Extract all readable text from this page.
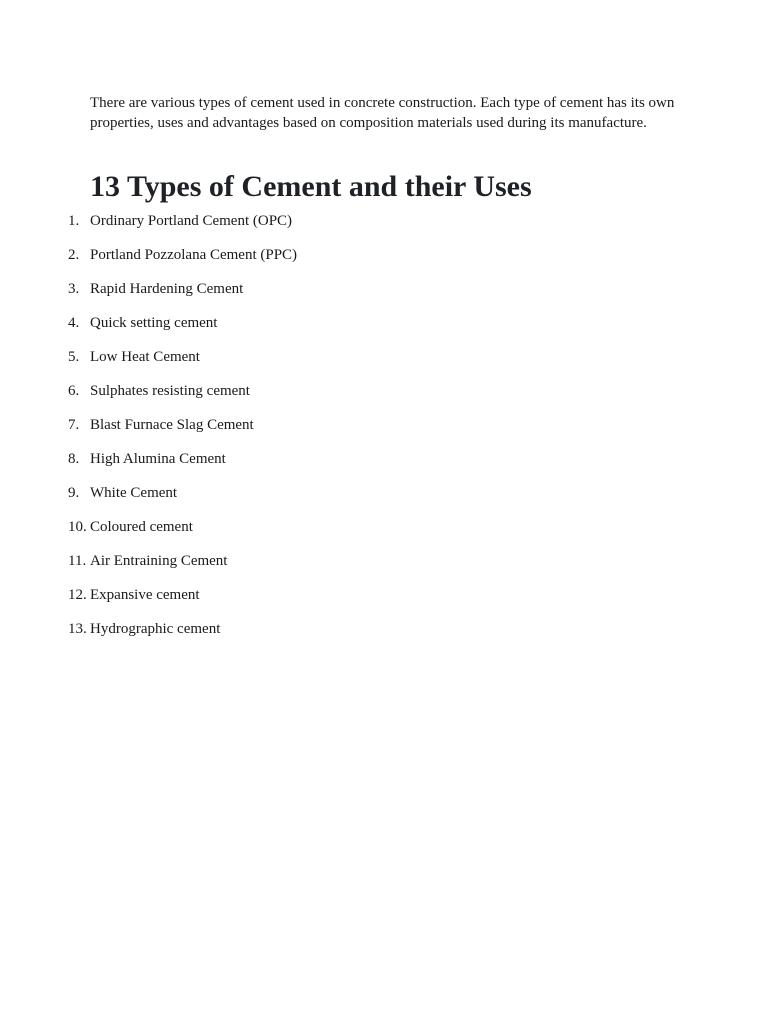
There are various types of cement used in concrete construction. Each type of cement has its own properties, uses and advantages based on composition materials used during its manufacture.

13 Types of Cement and their Uses
1. Ordinary Portland Cement (OPC)
2. Portland Pozzolana Cement (PPC)
3. Rapid Hardening Cement
4. Quick setting cement
5. Low Heat Cement
6. Sulphates resisting cement
7. Blast Furnace Slag Cement
8. High Alumina Cement
9. White Cement
10. Coloured cement
11. Air Entraining Cement
12. Expansive cement
13. Hydrographic cement
